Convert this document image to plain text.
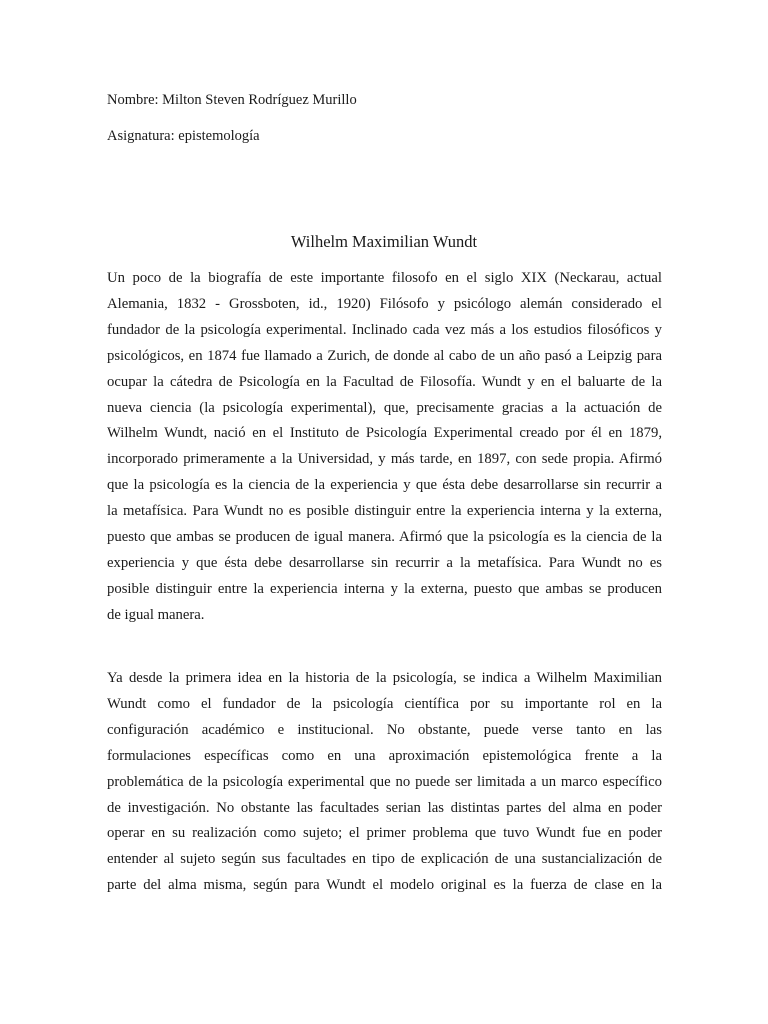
Nombre: Milton Steven Rodríguez Murillo
Asignatura: epistemología
Wilhelm Maximilian Wundt

Un poco de la biografía de este importante filosofo en el siglo XIX (Neckarau, actual
Alemania, 1832 - Grossboten, id., 1920) Filósofo y psicólogo alemán considerado el
fundador de la psicología experimental. Inclinado cada vez más a los estudios filosóficos y
psicológicos, en 1874 fue llamado a Zurich, de donde al cabo de un año pasó a Leipzig para
ocupar la cátedra de Psicología en la Facultad de Filosofía. Wundt y en el baluarte de la
nueva ciencia (la psicología experimental), que, precisamente gracias a la actuación de
Wilhelm Wundt, nació en el Instituto de Psicología Experimental creado por él en 1879,
incorporado primeramente a la Universidad, y más tarde, en 1897, con sede propia. Afirmó
que la psicología es la ciencia de la experiencia y que ésta debe desarrollarse sin recurrir a
la metafísica. Para Wundt no es posible distinguir entre la experiencia interna y la externa,
puesto que ambas se producen de igual manera. Afirmó que la psicología es la ciencia de la
experiencia y que ésta debe desarrollarse sin recurrir a la metafísica. Para Wundt no es
posible distinguir entre la experiencia interna y la externa, puesto que ambas se producen
de igual manera.

Ya desde la primera idea en la historia de la psicología, se indica a Wilhelm Maximilian
Wundt como el fundador de la psicología científica por su importante rol en la
configuración académico e institucional. No obstante, puede verse tanto en las
formulaciones específicas como en una aproximación epistemológica frente a la
problemática de la psicología experimental que no puede ser limitada a un marco específico
de investigación. No obstante las facultades serian las distintas partes del alma en poder
operar en su realización como sujeto; el primer problema que tuvo Wundt fue en poder
entender al sujeto según sus facultades en tipo de explicación de una sustancialización de
parte del alma misma, según para Wundt el modelo original es la fuerza de clase en la
